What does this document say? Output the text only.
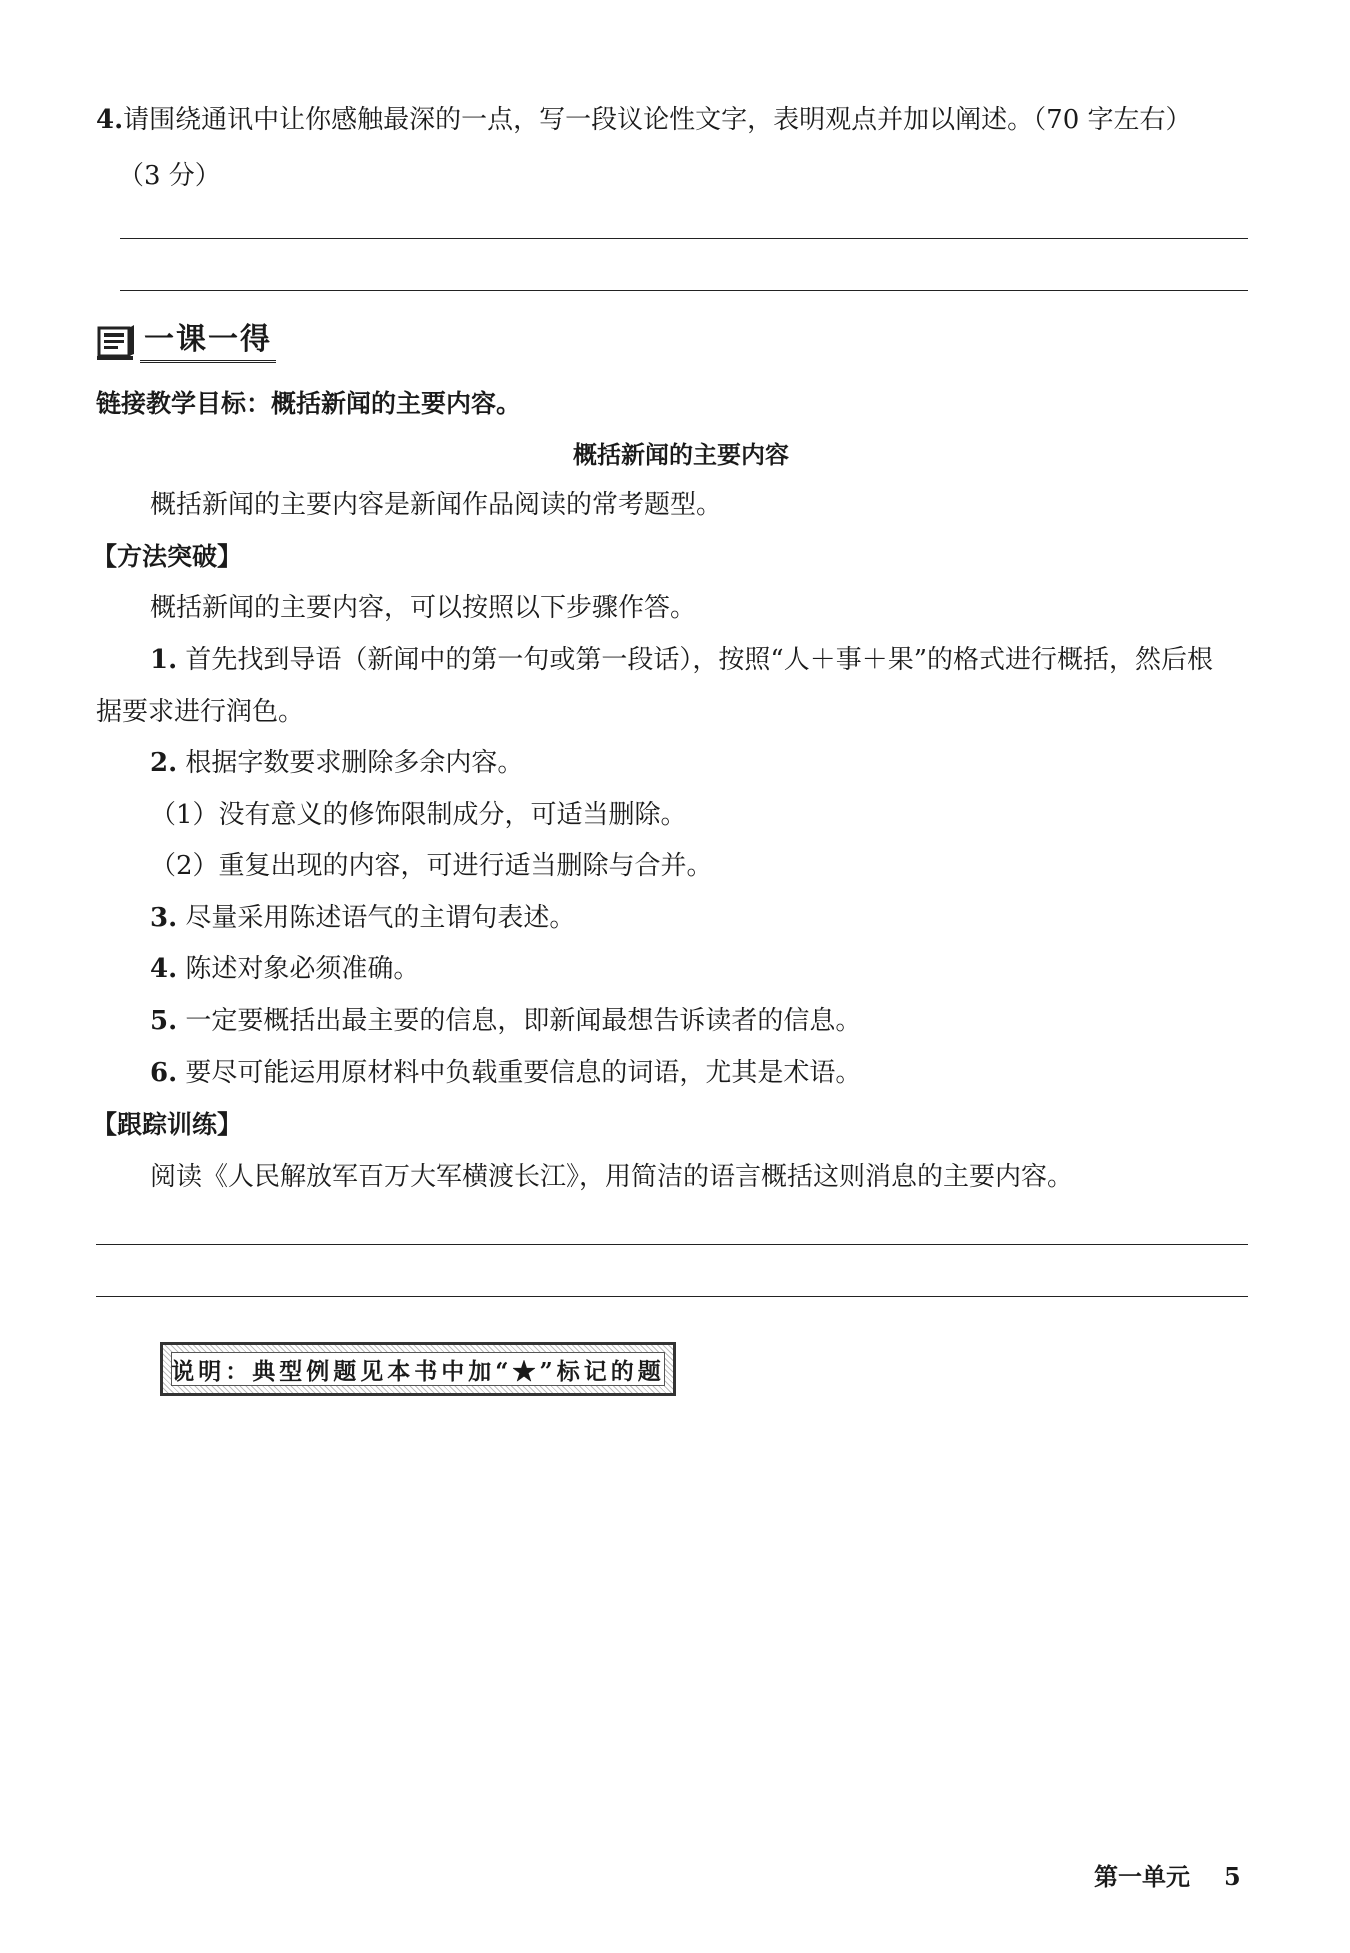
4.请围绕通讯中让你感触最深的一点，写一段议论性文字，表明观点并加以阐述。（70 字左右）
（3 分）
一课一得
链接教学目标：概括新闻的主要内容。
概括新闻的主要内容
概括新闻的主要内容是新闻作品阅读的常考题型。
【方法突破】
概括新闻的主要内容，可以按照以下步骤作答。
1. 首先找到导语（新闻中的第一句或第一段话），按照“人＋事＋果”的格式进行概括，然后根
据要求进行润色。
2. 根据字数要求删除多余内容。
（1）没有意义的修饰限制成分，可适当删除。
（2）重复出现的内容，可进行适当删除与合并。
3. 尽量采用陈述语气的主谓句表述。
4. 陈述对象必须准确。
5. 一定要概括出最主要的信息，即新闻最想告诉读者的信息。
6. 要尽可能运用原材料中负载重要信息的词语，尤其是术语。
【跟踪训练】
阅读《人民解放军百万大军横渡长江》，用简洁的语言概括这则消息的主要内容。
说明：典型例题见本书中加“★”标记的题
第一单元 5
